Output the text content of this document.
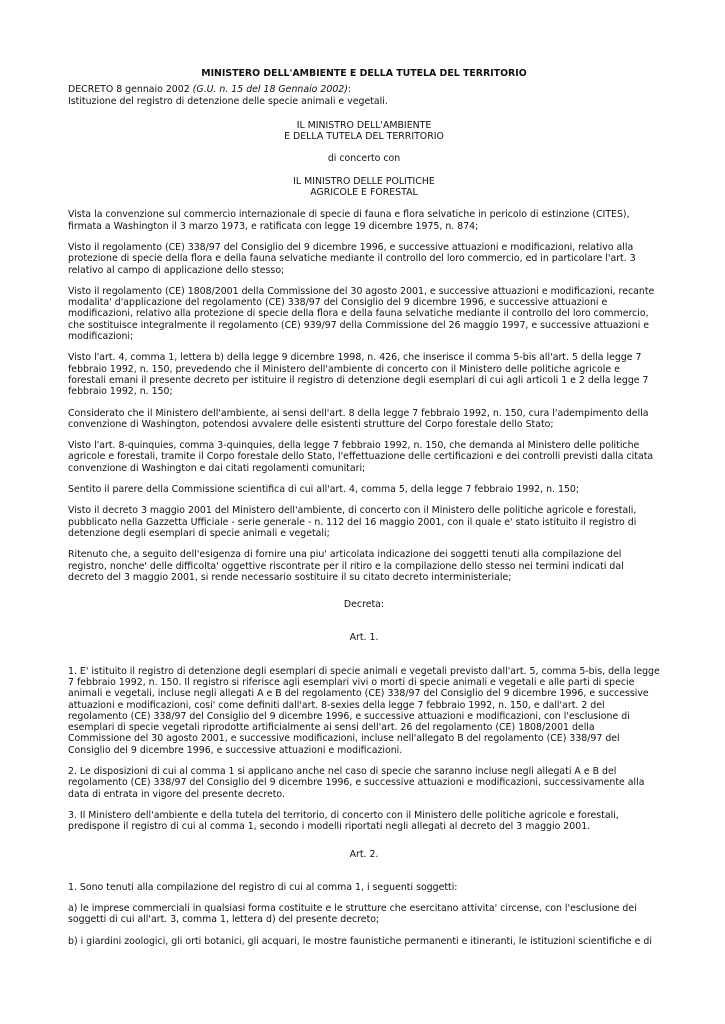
MINISTERO DELL'AMBIENTE E DELLA TUTELA DEL TERRITORIO

DECRETO 8 gennaio 2002 (G.U. n. 15 del 18 Gennaio 2002):
Istituzione del registro di detenzione delle specie animali e vegetali.

IL MINISTRO DELL'AMBIENTE
E DELLA TUTELA DEL TERRITORIO
di concerto con
IL MINISTRO DELLE POLITICHE
AGRICOLE E FORESTAL

Vista la convenzione sul commercio internazionale di specie di fauna e flora selvatiche in pericolo di estinzione (CITES), firmata a Washington il 3 marzo 1973, e ratificata con legge 19 dicembre 1975, n. 874;

Visto il regolamento (CE) 338/97 del Consiglio del 9 dicembre 1996, e successive attuazioni e modificazioni, relativo alla protezione di specie della flora e della fauna selvatiche mediante il controllo del loro commercio, ed in particolare l'art. 3 relativo al campo di applicazione dello stesso;

Visto il regolamento (CE) 1808/2001 della Commissione del 30 agosto 2001, e successive attuazioni e modificazioni, recante modalita' d'applicazione del regolamento (CE) 338/97 del Consiglio del 9 dicembre 1996, e successive attuazioni e modificazioni, relativo alla protezione di specie della flora e della fauna selvatiche mediante il controllo del loro commercio, che sostituisce integralmente il regolamento (CE) 939/97 della Commissione del 26 maggio 1997, e successive attuazioni e modificazioni;

Visto l'art. 4, comma 1, lettera b) della legge 9 dicembre 1998, n. 426, che inserisce il comma 5-bis all'art. 5 della legge 7 febbraio 1992, n. 150, prevedendo che il Ministero dell'ambiente di concerto con il Ministero delle politiche agricole e forestali emani il presente decreto per istituire il registro di detenzione degli esemplari di cui agli articoli 1 e 2 della legge 7 febbraio 1992, n. 150;

Considerato che il Ministero dell'ambiente, ai sensi dell'art. 8 della legge 7 febbraio 1992, n. 150, cura l'adempimento della convenzione di Washington, potendosi avvalere delle esistenti strutture del Corpo forestale dello Stato;

Visto l'art. 8-quinquies, comma 3-quinquies, della legge 7 febbraio 1992, n. 150, che demanda al Ministero delle politiche agricole e forestali, tramite il Corpo forestale dello Stato, l'effettuazione delle certificazioni e dei controlli previsti dalla citata convenzione di Washington e dai citati regolamenti comunitari;

Sentito il parere della Commissione scientifica di cui all'art. 4, comma 5, della legge 7 febbraio 1992, n. 150;

Visto il decreto 3 maggio 2001 del Ministero dell'ambiente, di concerto con il Ministero delle politiche agricole e forestali, pubblicato nella Gazzetta Ufficiale - serie generale - n. 112 del 16 maggio 2001, con il quale e' stato istituito il registro di detenzione degli esemplari di specie animali e vegetali;

Ritenuto che, a seguito dell'esigenza di fornire una piu' articolata indicazione dei soggetti tenuti alla compilazione del registro, nonche' delle difficolta' oggettive riscontrate per il ritiro e la compilazione dello stesso nei termini indicati dal decreto del 3 maggio 2001, si rende necessario sostituire il su citato decreto interministeriale;

Decreta:
Art. 1.

1. E' istituito il registro di detenzione degli esemplari di specie animali e vegetali previsto dall'art. 5, comma 5-bis, della legge 7 febbraio 1992, n. 150. Il registro si riferisce agli esemplari vivi o morti di specie animali e vegetali e alle parti di specie animali e vegetali, incluse negli allegati A e B del regolamento (CE) 338/97 del Consiglio del 9 dicembre 1996, e successive attuazioni e modificazioni, cosi' come definiti dall'art. 8-sexies della legge 7 febbraio 1992, n. 150, e dall'art. 2 del regolamento (CE) 338/97 del Consiglio del 9 dicembre 1996, e successive attuazioni e modificazioni, con l'esclusione di esemplari di specie vegetali riprodotte artificialmente ai sensi dell'art. 26 del regolamento (CE) 1808/2001 della Commissione del 30 agosto 2001, e successive modificazioni, incluse nell'allegato B del regolamento (CE) 338/97 del Consiglio del 9 dicembre 1996, e successive attuazioni e modificazioni.

2. Le disposizioni di cui al comma 1 si applicano anche nel caso di specie che saranno incluse negli allegati A e B del regolamento (CE) 338/97 del Consiglio del 9 dicembre 1996, e successive attuazioni e modificazioni, successivamente alla data di entrata in vigore del presente decreto.

3. Il Ministero dell'ambiente e della tutela del territorio, di concerto con il Ministero delle politiche agricole e forestali, predispone il registro di cui al comma 1, secondo i modelli riportati negli allegati al decreto del 3 maggio 2001.

Art. 2.

1. Sono tenuti alla compilazione del registro di cui al comma 1, i seguenti soggetti:

a) le imprese commerciali in qualsiasi forma costituite e le strutture che esercitano attivita' circense, con l'esclusione dei soggetti di cui all'art. 3, comma 1, lettera d) del presente decreto;

b) i giardini zoologici, gli orti botanici, gli acquari, le mostre faunistiche permanenti e itineranti, le istituzioni scientifiche e di
